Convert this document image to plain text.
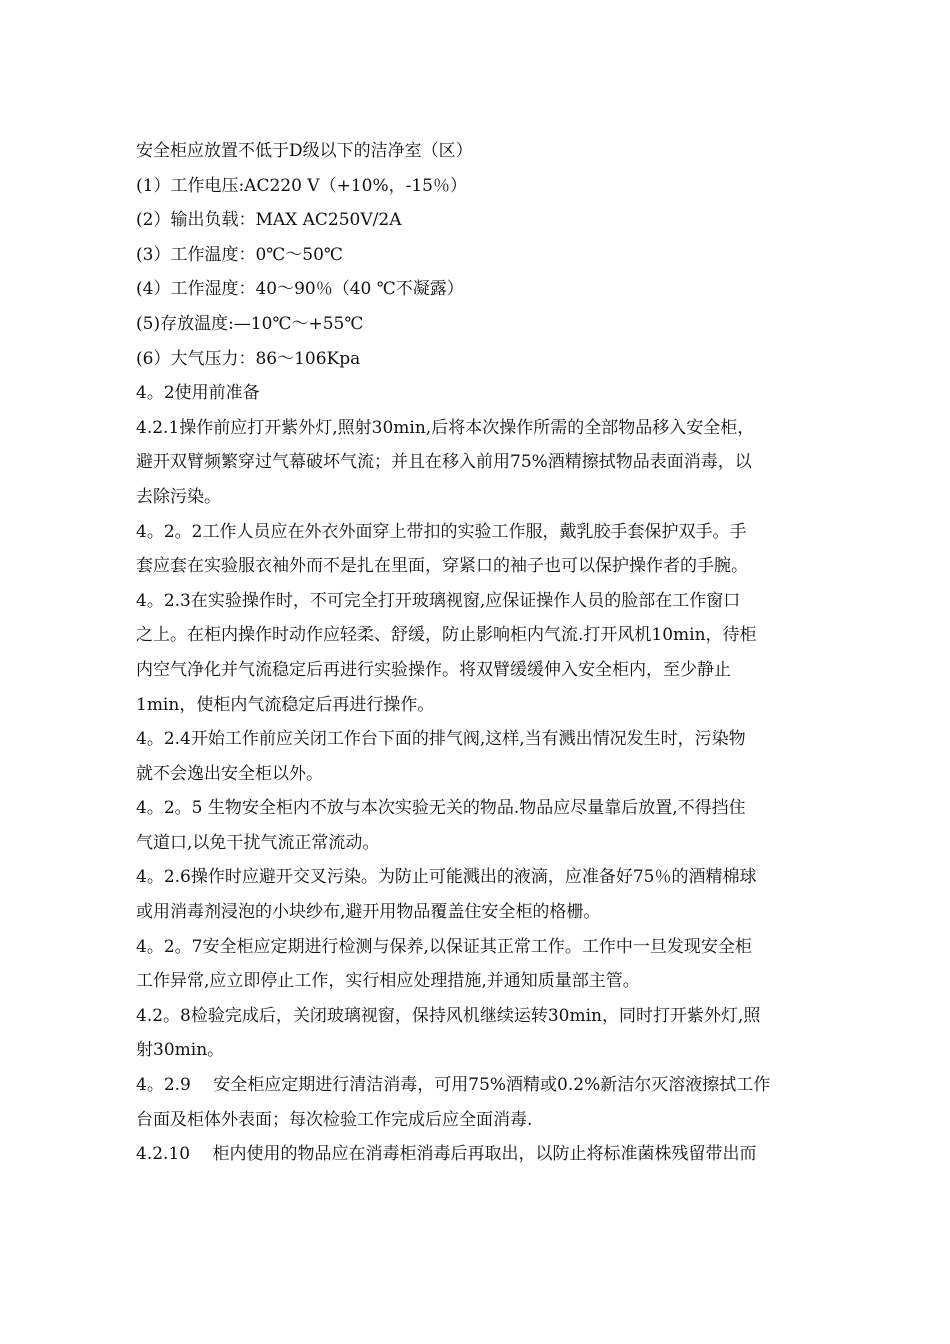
安全柜应放置不低于D级以下的洁净室（区）
(1）工作电压:AC220 V（+10%，-15％）
(2）输出负载：MAX AC250V/2A
(3）工作温度：0℃～50℃
(4）工作湿度：40～90％（40 ℃不凝露）
(5)存放温度:—10℃～+55℃
(6）大气压力：86～106Kpa
4。2使用前准备
4.2.1操作前应打开紫外灯,照射30min,后将本次操作所需的全部物品移入安全柜，
避开双臂频繁穿过气幕破坏气流；并且在移入前用75%酒精擦拭物品表面消毒，以
去除污染。
4。2。2工作人员应在外衣外面穿上带扣的实验工作服，戴乳胶手套保护双手。手
套应套在实验服衣袖外而不是扎在里面，穿紧口的袖子也可以保护操作者的手腕。
4。2.3在实验操作时，不可完全打开玻璃视窗,应保证操作人员的脸部在工作窗口
之上。在柜内操作时动作应轻柔、舒缓，防止影响柜内气流.打开风机10min，待柜
内空气净化并气流稳定后再进行实验操作。将双臂缓缓伸入安全柜内，至少静止
1min，使柜内气流稳定后再进行操作。
4。2.4开始工作前应关闭工作台下面的排气阀,这样,当有溅出情况发生时，污染物
就不会逸出安全柜以外。
4。2。5 生物安全柜内不放与本次实验无关的物品.物品应尽量靠后放置,不得挡住
气道口,以免干扰气流正常流动。
4。2.6操作时应避开交叉污染。为防止可能溅出的液滴，应准备好75％的酒精棉球
或用消毒剂浸泡的小块纱布,避开用物品覆盖住安全柜的格栅。
4。2。7安全柜应定期进行检测与保养,以保证其正常工作。工作中一旦发现安全柜
工作异常,应立即停止工作，实行相应处理措施,并通知质量部主管。
4.2。8检验完成后，关闭玻璃视窗，保持风机继续运转30min，同时打开紫外灯,照
射30min。
4。2.9　 安全柜应定期进行清洁消毒，可用75%酒精或0.2%新洁尔灭溶液擦拭工作
台面及柜体外表面；每次检验工作完成后应全面消毒.
4.2.10　 柜内使用的物品应在消毒柜消毒后再取出，以防止将标准菌株残留带出而
